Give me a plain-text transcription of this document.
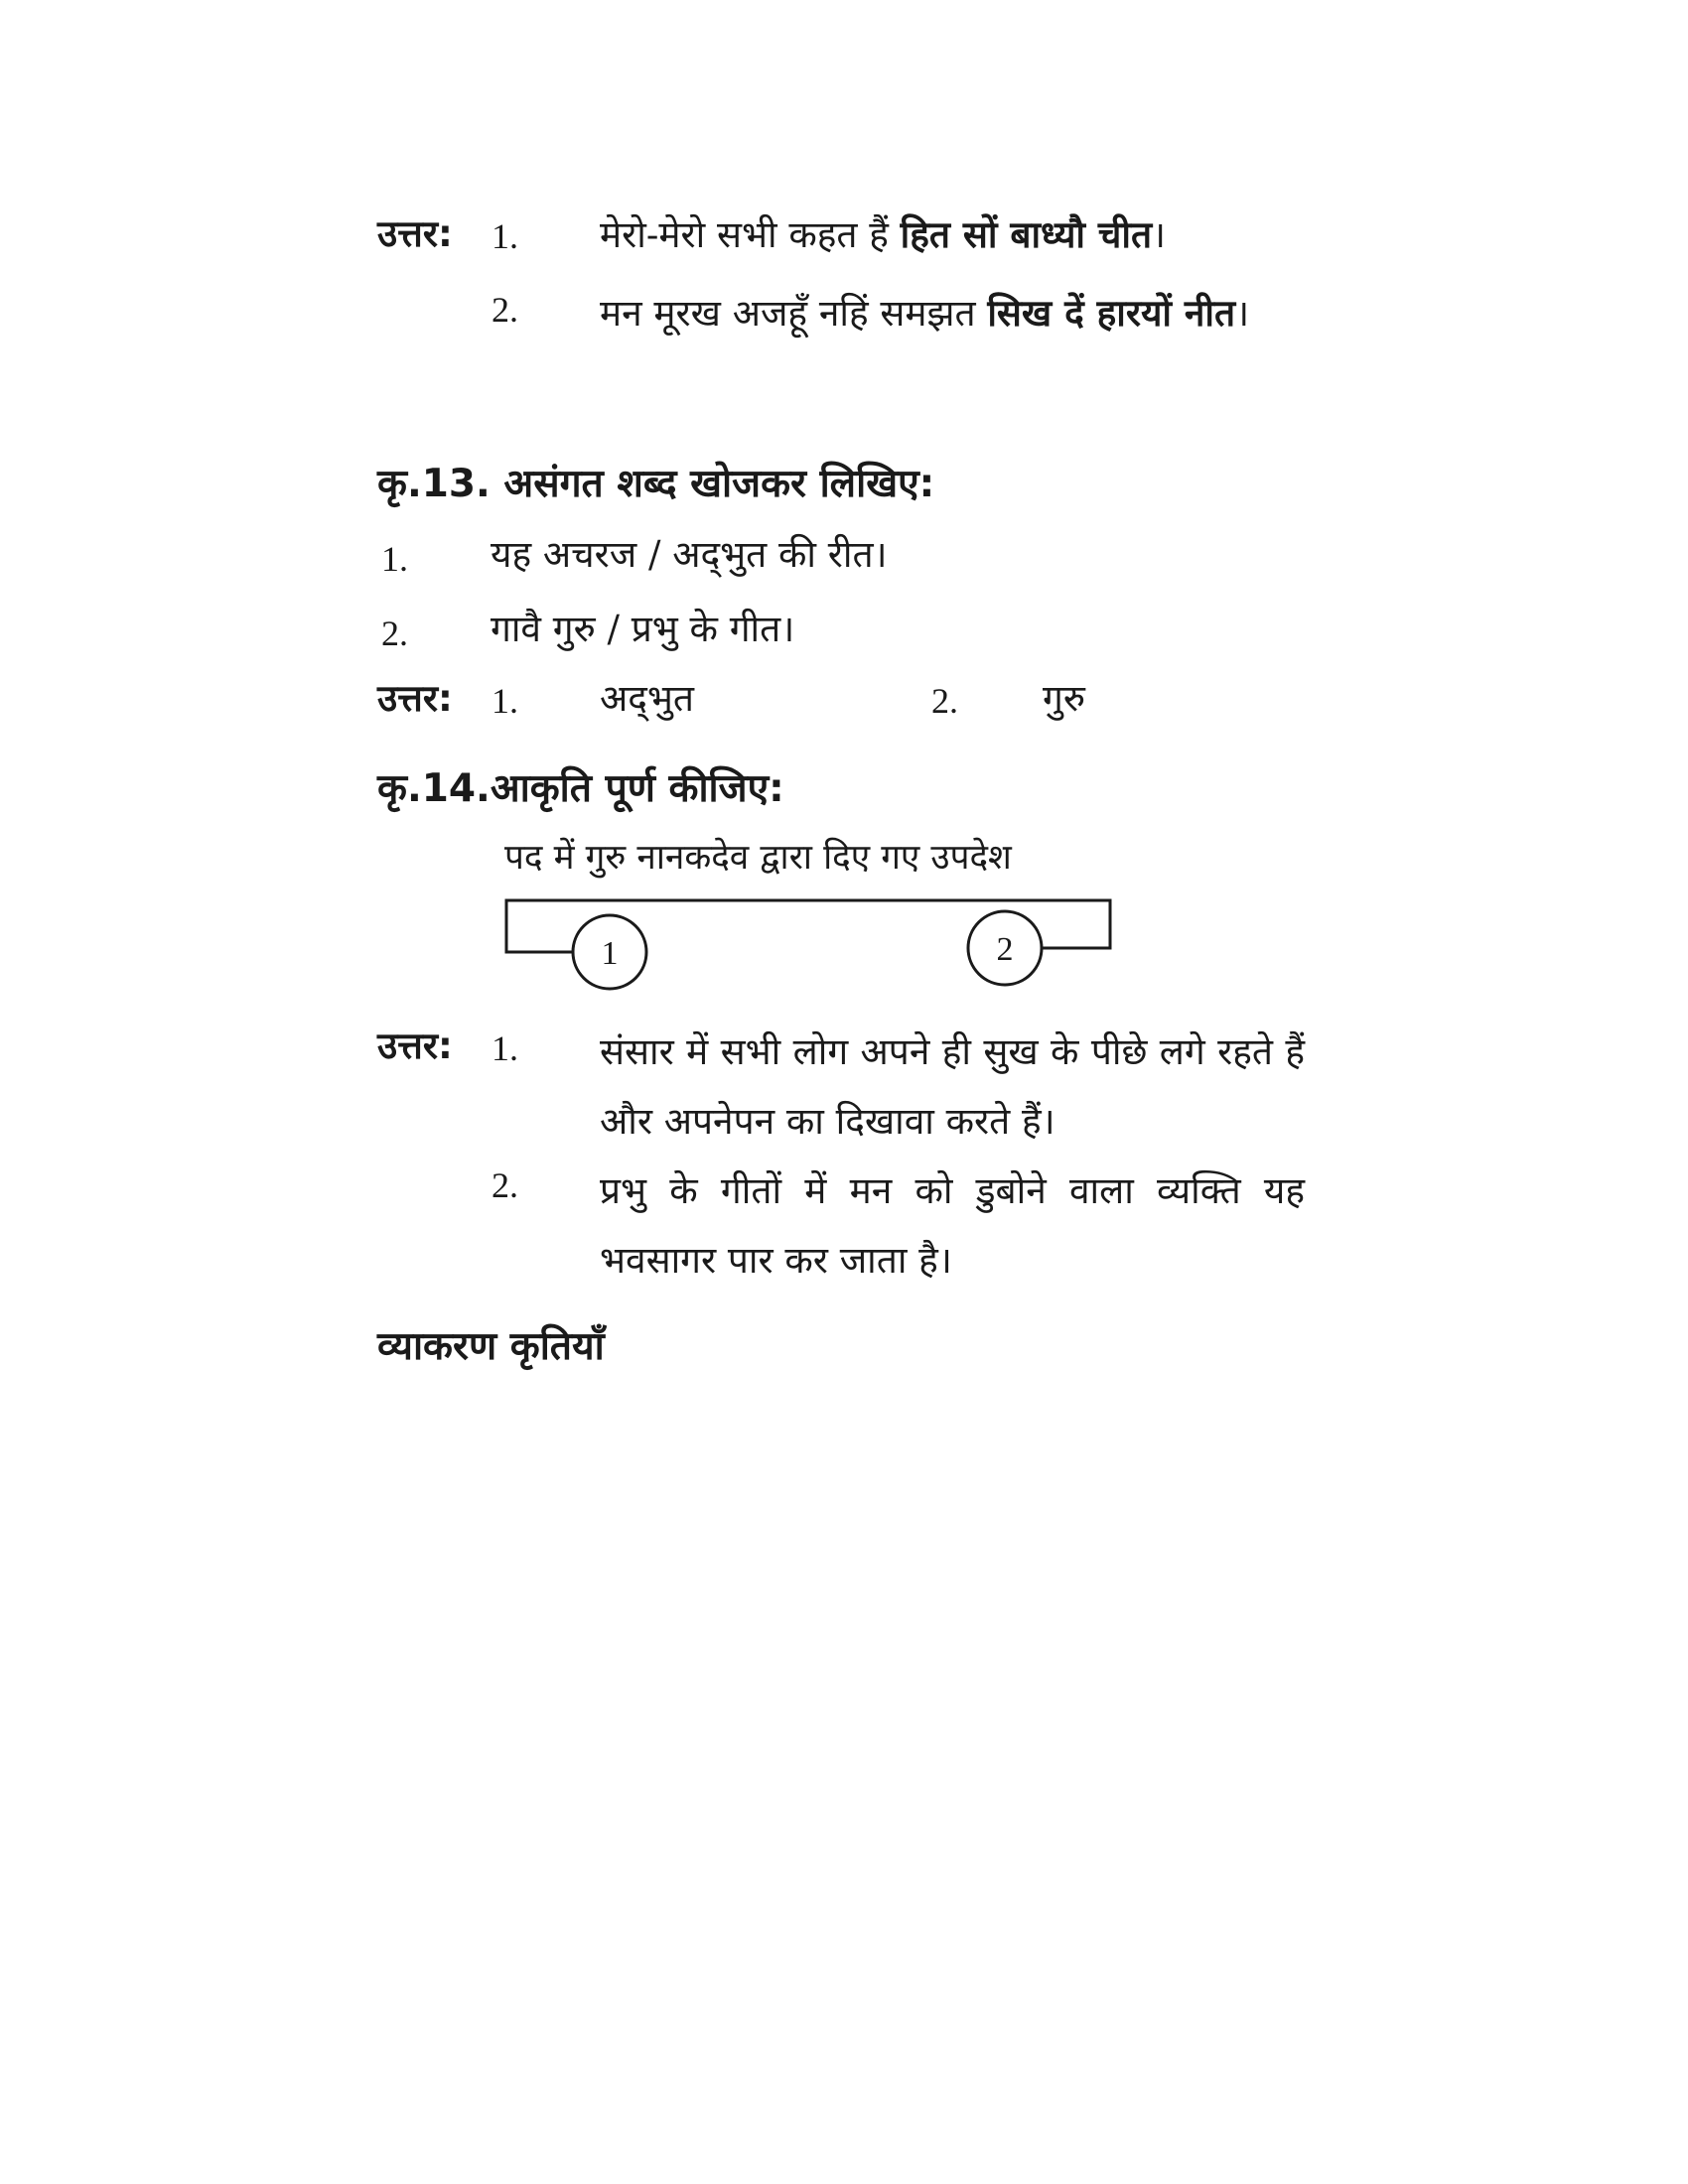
उत्तर: 1. मेरो-मेरो सभी कहत हैं हित सों बाध्यौ चीत।
2. मन मूरख अजहूँ नहिं समझत सिख दें हारयों नीत।
कृ.13. असंगत शब्द खोजकर लिखिए:
1. यह अचरज / अद्‌भुत की रीत।
2. गावै गुरु / प्रभु के गीत।
उत्तर: 1. अद्‌भुत	2. गुरु
कृ.14.आकृति पूर्ण कीजिए:
पद में गुरु नानकदेव द्वारा दिए गए उपदेश
1	2
उत्तर: 1. संसार में सभी लोग अपने ही सुख के पीछे लगे रहते हैं और अपनेपन का दिखावा करते हैं।
2. प्रभु के गीतों में मन को डुबोने वाला व्यक्ति यह भवसागर पार कर जाता है।
व्याकरण कृतियाँ
